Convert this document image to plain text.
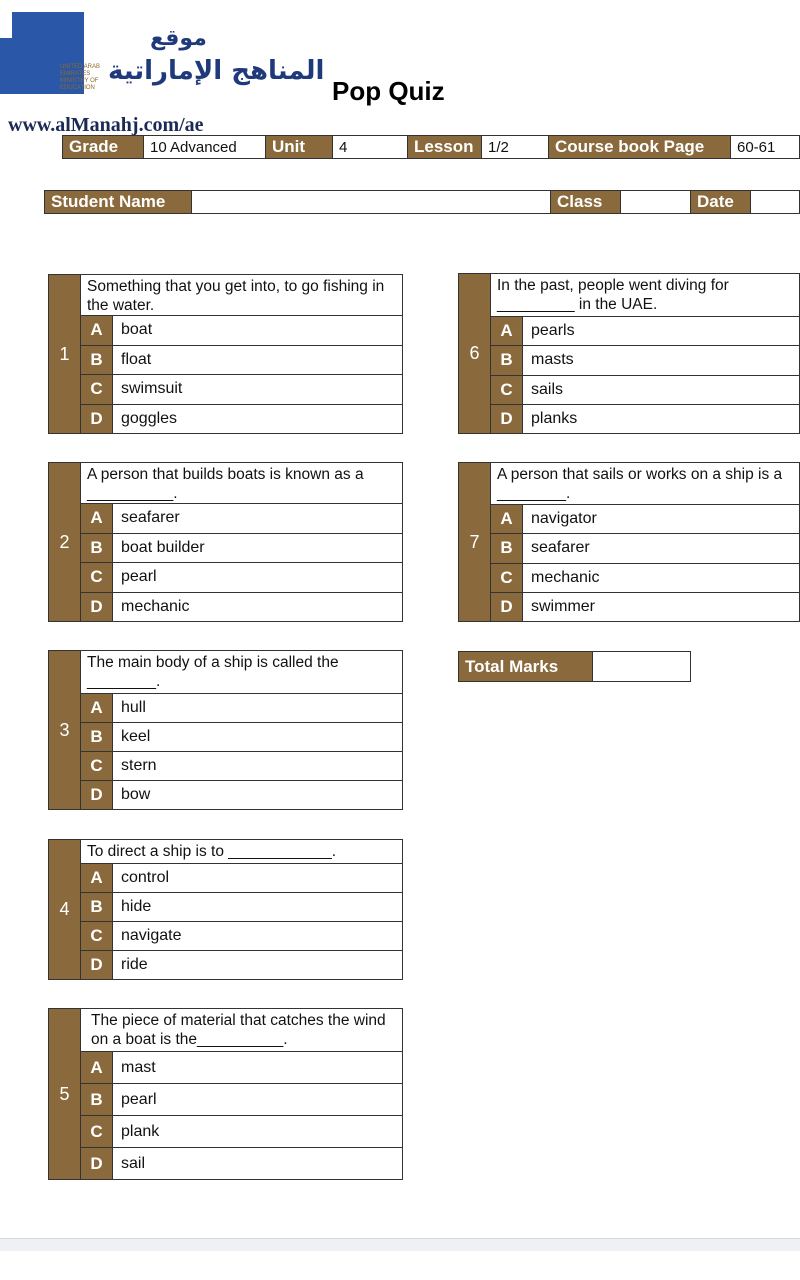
موقع
UNITED ARAB EMIRATES MINISTRY OF EDUCATION
المناهج الإماراتية
www.alManahj.com/ae
Pop Quiz
Grade	10 Advanced	Unit	4	Lesson 1/2	Course book Page	60-61
Student Name	Class	Date
1
Something that you get into, to go fishing in the water.
A	boat
B	float
C	swimsuit
D	goggles
2
A person that builds boats is known as a __________.
A	seafarer
B	boat builder
C	pearl
D	mechanic
3
The main body of a ship is called the ________.
A	hull
B	keel
C	stern
D	bow
4
To direct a ship is to ____________.
A	control
B	hide
C	navigate
D	ride
5
The piece of material that catches the wind on a boat is the__________.
A	mast
B	pearl
C	plank
D	sail
6
In the past, people went diving for _________ in the UAE.
A	pearls
B	masts
C	sails
D	planks
7
A person that sails or works on a ship is a ________.
A	navigator
B	seafarer
C	mechanic
D	swimmer
Total Marks
